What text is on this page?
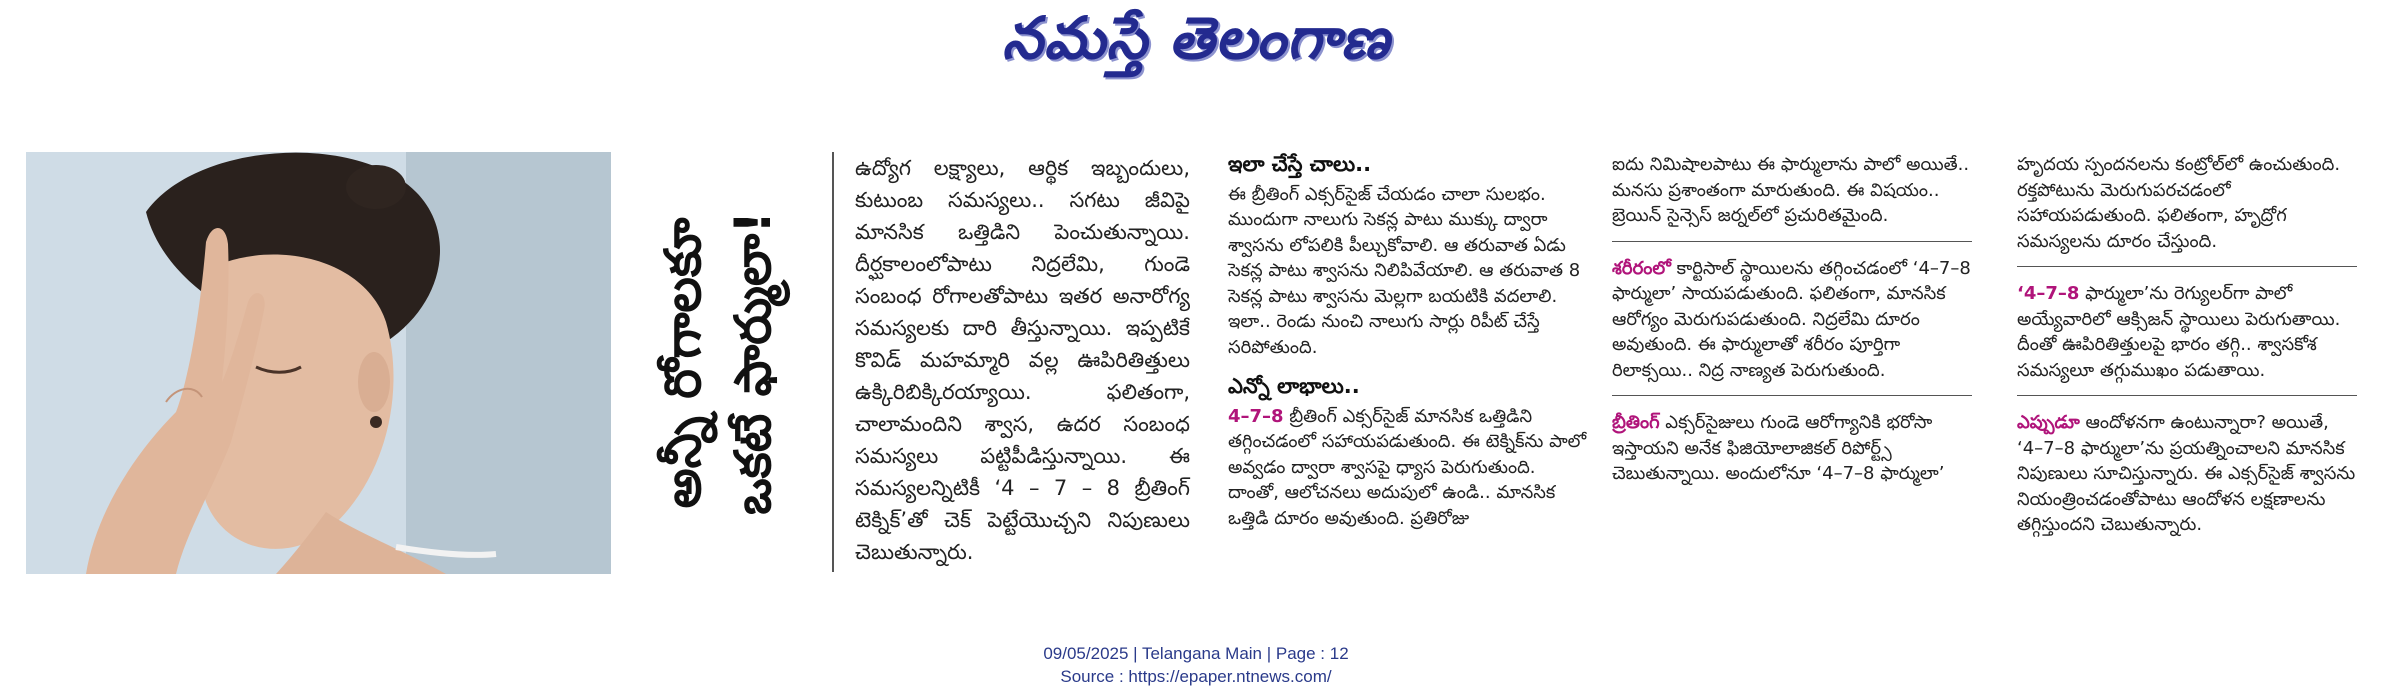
నమస్తే తెలంగాణ
అన్నీ రోగాలకూ ఒకటే ఫార్ములా!

ఉద్యోగ లక్ష్యాలు, ఆర్థిక ఇబ్బందులు, కుటుంబ సమస్యలు.. సగటు జీవిపై మానసిక ఒత్తిడిని పెంచుతున్నాయి. దీర్ఘకాలంలోపాటు నిద్రలేమి, గుండె సంబంధ రోగాలతోపాటు ఇతర అనారోగ్య సమస్యలకు దారి తీస్తున్నాయి. ఇప్పటికే కొవిడ్ మహమ్మారి వల్ల ఊపిరితిత్తులు ఉక్కిరిబిక్కిరయ్యాయి. ఫలితంగా, చాలామందిని శ్వాస, ఉదర సంబంధ సమస్యలు పట్టిపీడిస్తున్నాయి. ఈ సమస్యలన్నిటికీ ‘4 – 7 – 8 బ్రీతింగ్ టెక్నిక్’తో చెక్ పెట్టేయొచ్చని నిపుణులు చెబుతున్నారు.

ఇలా చేస్తే చాలు..

ఈ బ్రీతింగ్ ఎక్సర్‌సైజ్ చేయడం చాలా సులభం. ముందుగా నాలుగు సెకన్ల పాటు ముక్కు ద్వారా శ్వాసను లోపలికి పీల్చుకోవాలి. ఆ తరువాత ఏడు సెకన్ల పాటు శ్వాసను నిలిపివేయాలి. ఆ తరువాత 8 సెకన్ల పాటు శ్వాసను మెల్లగా బయటికి వదలాలి. ఇలా.. రెండు నుంచి నాలుగు సార్లు రిపీట్ చేస్తే సరిపోతుంది.

ఎన్నో లాభాలు..

4–7–8 బ్రీతింగ్ ఎక్సర్‌సైజ్ మానసిక ఒత్తిడిని తగ్గించడంలో సహాయపడుతుంది. ఈ టెక్నిక్‌ను పాలో అవ్వడం ద్వారా శ్వాసపై ధ్యాస పెరుగుతుంది. దాంతో, ఆలోచనలు అదుపులో ఉండి.. మానసిక ఒత్తిడి దూరం అవుతుంది. ప్రతిరోజు

ఐదు నిమిషాలపాటు ఈ ఫార్ములాను పాలో అయితే.. మనసు ప్రశాంతంగా మారుతుంది. ఈ విషయం.. బ్రెయిన్ సైన్సెస్ జర్నల్‌లో ప్రచురితమైంది.

శరీరంలో కార్టిసాల్ స్థాయిలను తగ్గించడంలో ‘4–7–8 ఫార్ములా’ సాయపడుతుంది. ఫలితంగా, మానసిక ఆరోగ్యం మెరుగుపడుతుంది. నిద్రలేమి దూరం అవుతుంది. ఈ ఫార్ములాతో శరీరం పూర్తిగా రిలాక్సయి.. నిద్ర నాణ్యత పెరుగుతుంది.

బ్రీతింగ్ ఎక్సర్‌సైజులు గుండె ఆరోగ్యానికి భరోసా ఇస్తాయని అనేక ఫిజియోలాజికల్ రిపోర్ట్స్ చెబుతున్నాయి. అందులోనూ ‘4–7–8 ఫార్ములా’

హృదయ స్పందనలను కంట్రోల్‌లో ఉంచుతుంది. రక్తపోటును మెరుగుపరచడంలో సహాయపడుతుంది. ఫలితంగా, హృద్రోగ సమస్యలను దూరం చేస్తుంది.

‘4–7–8 ఫార్ములా’ను రెగ్యులర్‌గా పాలో అయ్యేవారిలో ఆక్సిజన్ స్థాయిలు పెరుగుతాయి. దీంతో ఊపిరితిత్తులపై భారం తగ్గి.. శ్వాసకోశ సమస్యలూ తగ్గుముఖం పడుతాయి.

ఎప్పుడూ ఆందోళనగా ఉంటున్నారా? అయితే, ‘4–7–8 ఫార్ములా’ను ప్రయత్నించాలని మానసిక నిపుణులు సూచిస్తున్నారు. ఈ ఎక్సర్‌సైజ్ శ్వాసను నియంత్రించడంతోపాటు ఆందోళన లక్షణాలను తగ్గిస్తుందని చెబుతున్నారు.

09/05/2025 | Telangana Main | Page : 12
Source : https://epaper.ntnews.com/
